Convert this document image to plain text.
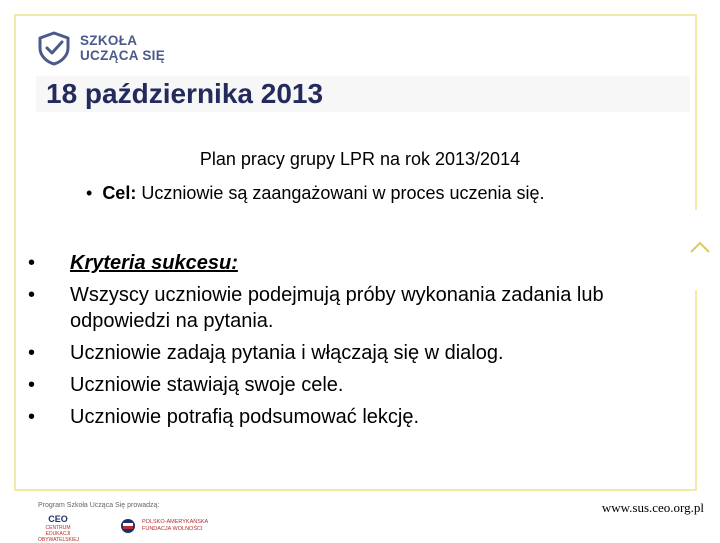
SZKOŁA
UCZĄCA SIĘ
18 października 2013
Plan pracy grupy LPR na rok 2013/2014
•  Cel: Uczniowie są zaangażowani w proces uczenia się.
• Kryteria sukcesu:
• Wszyscy uczniowie podejmują próby wykonania zadania lub odpowiedzi na pytania.
• Uczniowie zadają pytania i włączają się w dialog.
• Uczniowie stawiają swoje cele.
• Uczniowie potrafią podsumować lekcję.
Program Szkoła Ucząca Się prowadzą:
CEO
CENTRUM EDUKACJI OBYWATELSKIEJ
POLSKO-AMERYKAŃSKA
FUNDACJA WOLNOŚCI
www.sus.ceo.org.pl
